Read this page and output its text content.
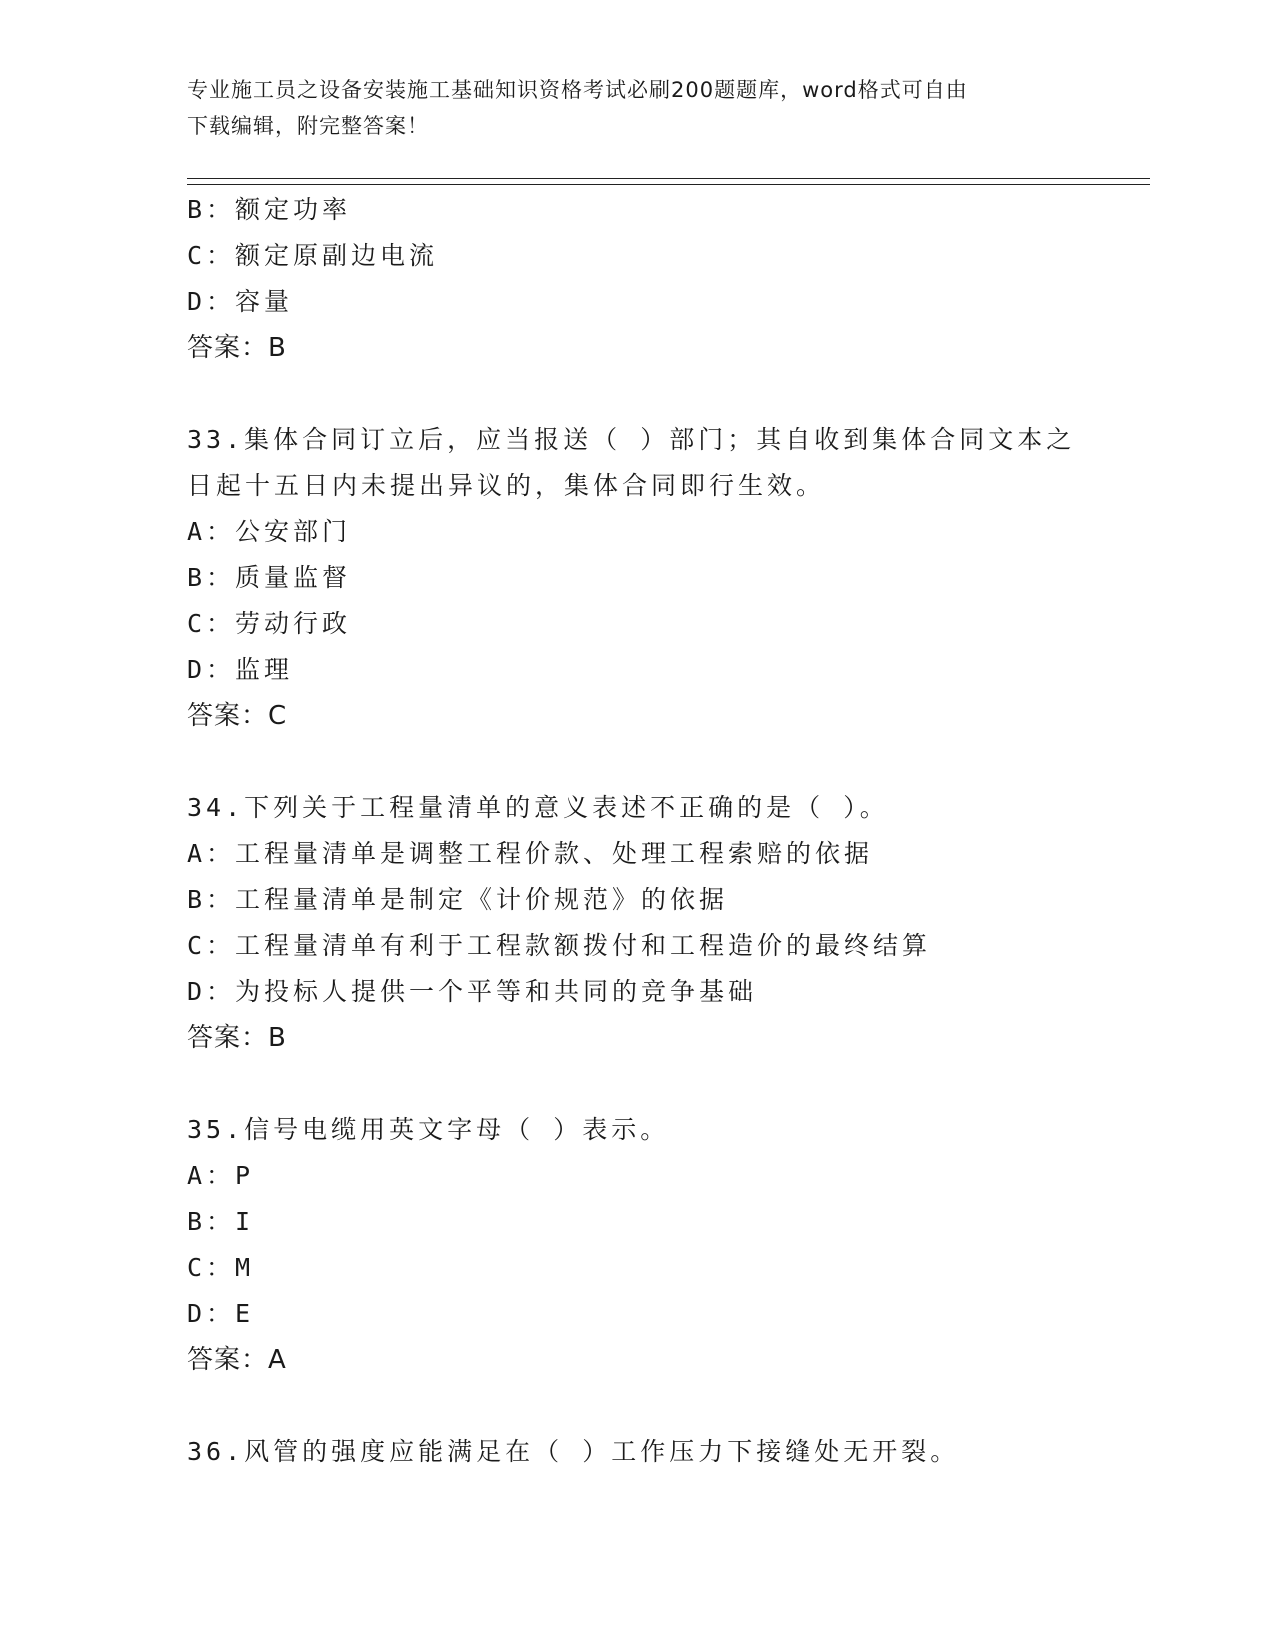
专业施工员之设备安装施工基础知识资格考试必刷200题题库，word格式可自由
下载编辑，附完整答案！
B：额定功率
C：额定原副边电流
D：容量
答案：B
33.集体合同订立后，应当报送（ ）部门；其自收到集体合同文本之
日起十五日内未提出异议的，集体合同即行生效。
A：公安部门
B：质量监督
C：劳动行政
D：监理
答案：C
34.下列关于工程量清单的意义表述不正确的是（ ）。
A：工程量清单是调整工程价款、处理工程索赔的依据
B：工程量清单是制定《计价规范》的依据
C：工程量清单有利于工程款额拨付和工程造价的最终结算
D：为投标人提供一个平等和共同的竞争基础
答案：B
35.信号电缆用英文字母（ ）表示。
A：P
B：I
C：M
D：E
答案：A
36.风管的强度应能满足在（ ）工作压力下接缝处无开裂。
